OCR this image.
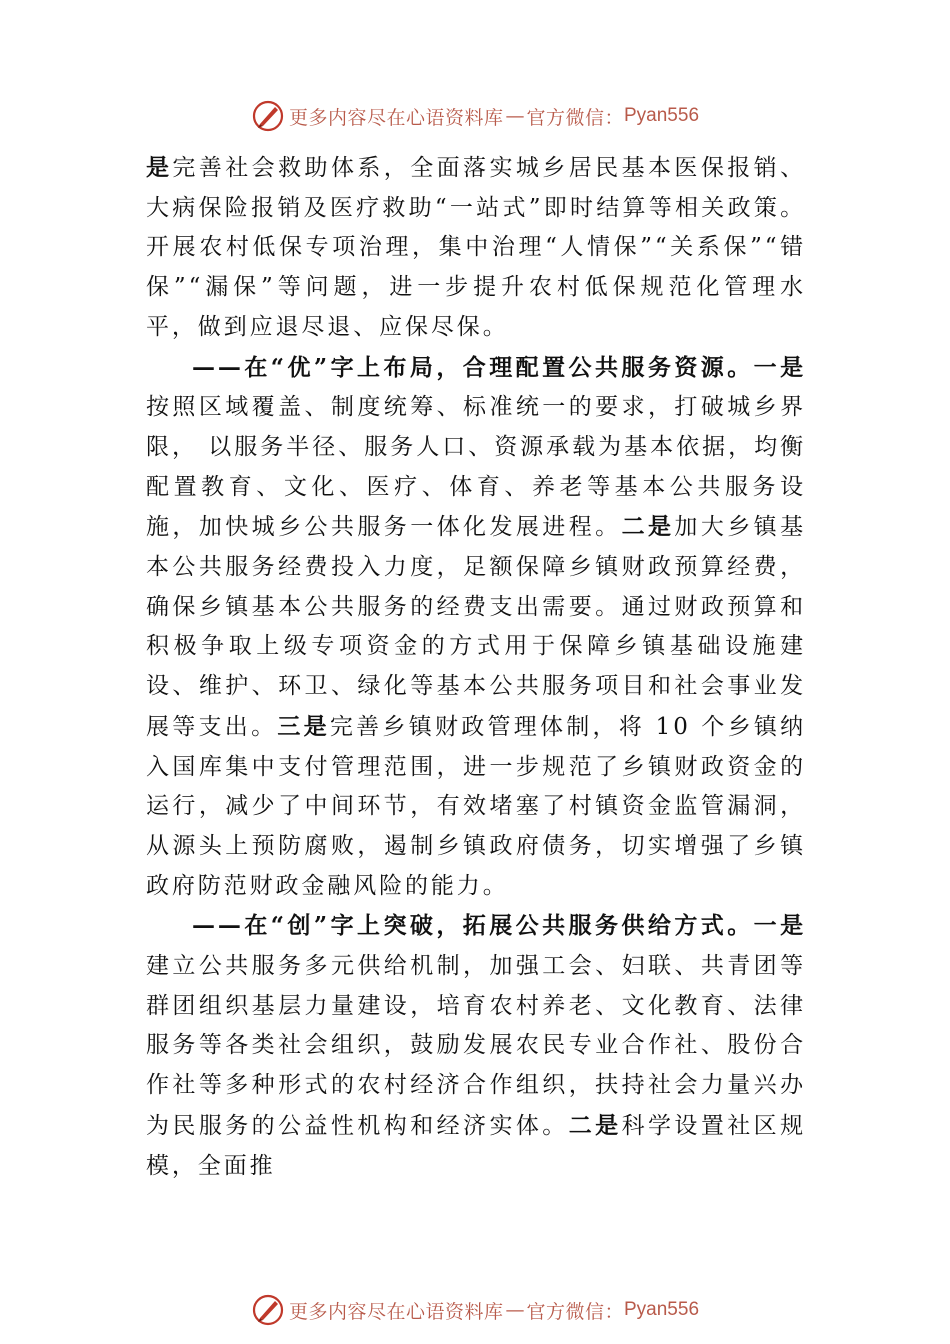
更多内容尽在心语资料库 — 官方微信： Pyan556

是完善社会救助体系，全面落实城乡居民基本医保报销、大病保险报销及医疗救助“一站式”即时结算等相关政策。开展农村低保专项治理，集中治理“人情保”“关系保”“错保”“漏保”等问题，进一步提升农村低保规范化管理水平，做到应退尽退、应保尽保。

——在“优”字上布局，合理配置公共服务资源。一是 按照区域覆盖、制度统筹、标准统一的要求，打破城乡界限， 以服务半径、服务人口、资源承载为基本依据，均衡配置教育、文化、医疗、体育、养老等基本公共服务设施，加快城乡公共服务一体化发展进程。二是加大乡镇基本公共服务经费投入力度，足额保障乡镇财政预算经费，确保乡镇基本公共服务的经费支出需要。通过财政预算和积极争取上级专项资金的方式用于保障乡镇基础设施建设、维护、环卫、绿化等基本公共服务项目和社会事业发展等支出。三是完善乡镇财政管理体制，将 10 个乡镇纳入国库集中支付管理范围，进一步规范了乡镇财政资金的运行，减少了中间环节，有效堵塞了村镇资金监管漏洞，从源头上预防腐败，遏制乡镇政府债务，切实增强了乡镇政府防范财政金融风险的能力。

——在“创”字上突破，拓展公共服务供给方式。一是建立公共服务多元供给机制，加强工会、妇联、共青团等群团组织基层力量建设，培育农村养老、文化教育、法律服务等各类社会组织，鼓励发展农民专业合作社、股份合作社等多种形式的农村经济合作组织，扶持社会力量兴办为民服务的公益性机构和经济实体。二是科学设置社区规模，全面推

更多内容尽在心语资料库 — 官方微信： Pyan556
